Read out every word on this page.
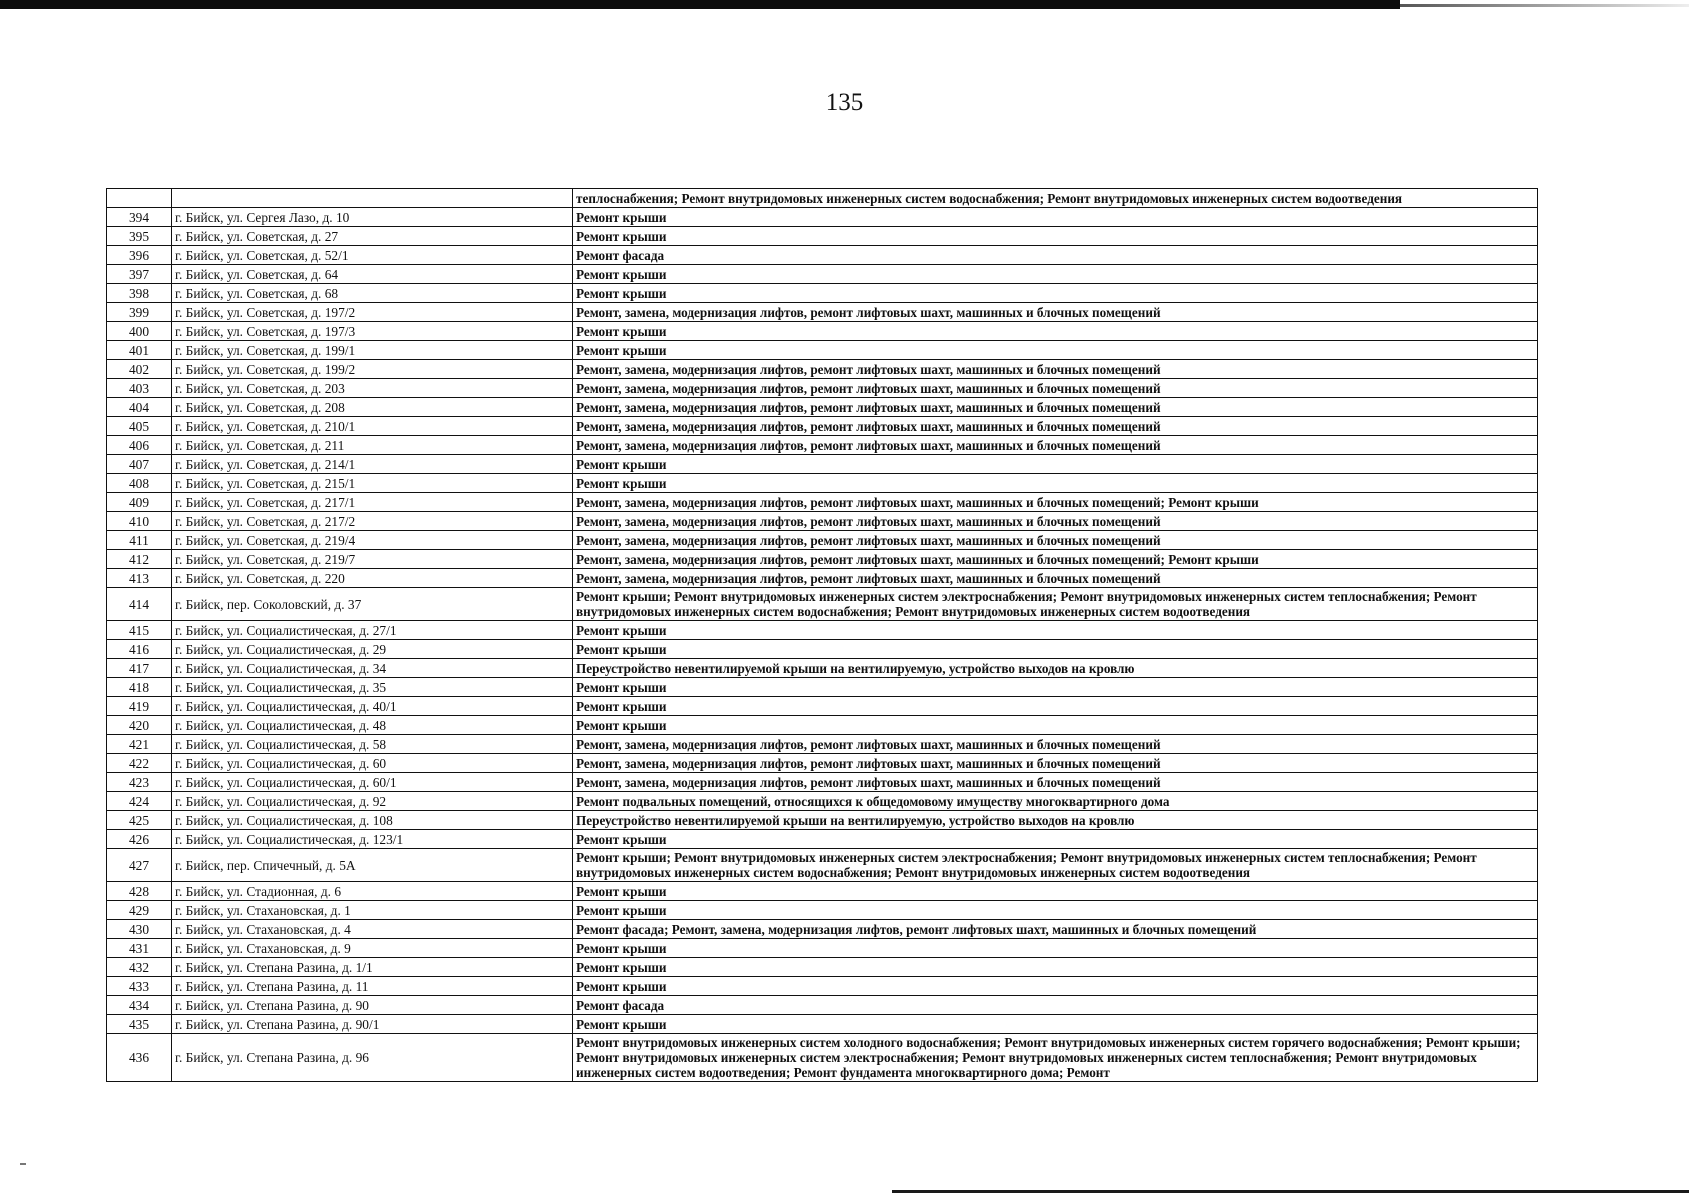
135
		теплоснабжения; Ремонт внутридомовых инженерных систем водоснабжения; Ремонт внутридомовых инженерных систем водоотведения
394	г. Бийск, ул. Сергея Лазо, д. 10	Ремонт крыши
395	г. Бийск, ул. Советская, д. 27	Ремонт крыши
396	г. Бийск, ул. Советская, д. 52/1	Ремонт фасада
397	г. Бийск, ул. Советская, д. 64	Ремонт крыши
398	г. Бийск, ул. Советская, д. 68	Ремонт крыши
399	г. Бийск, ул. Советская, д. 197/2	Ремонт, замена, модернизация лифтов, ремонт лифтовых шахт, машинных и блочных помещений
400	г. Бийск, ул. Советская, д. 197/3	Ремонт крыши
401	г. Бийск, ул. Советская, д. 199/1	Ремонт крыши
402	г. Бийск, ул. Советская, д. 199/2	Ремонт, замена, модернизация лифтов, ремонт лифтовых шахт, машинных и блочных помещений
403	г. Бийск, ул. Советская, д. 203	Ремонт, замена, модернизация лифтов, ремонт лифтовых шахт, машинных и блочных помещений
404	г. Бийск, ул. Советская, д. 208	Ремонт, замена, модернизация лифтов, ремонт лифтовых шахт, машинных и блочных помещений
405	г. Бийск, ул. Советская, д. 210/1	Ремонт, замена, модернизация лифтов, ремонт лифтовых шахт, машинных и блочных помещений
406	г. Бийск, ул. Советская, д. 211	Ремонт, замена, модернизация лифтов, ремонт лифтовых шахт, машинных и блочных помещений
407	г. Бийск, ул. Советская, д. 214/1	Ремонт крыши
408	г. Бийск, ул. Советская, д. 215/1	Ремонт крыши
409	г. Бийск, ул. Советская, д. 217/1	Ремонт, замена, модернизация лифтов, ремонт лифтовых шахт, машинных и блочных помещений; Ремонт крыши
410	г. Бийск, ул. Советская, д. 217/2	Ремонт, замена, модернизация лифтов, ремонт лифтовых шахт, машинных и блочных помещений
411	г. Бийск, ул. Советская, д. 219/4	Ремонт, замена, модернизация лифтов, ремонт лифтовых шахт, машинных и блочных помещений
412	г. Бийск, ул. Советская, д. 219/7	Ремонт, замена, модернизация лифтов, ремонт лифтовых шахт, машинных и блочных помещений; Ремонт крыши
413	г. Бийск, ул. Советская, д. 220	Ремонт, замена, модернизация лифтов, ремонт лифтовых шахт, машинных и блочных помещений
414	г. Бийск, пер. Соколовский, д. 37	Ремонт крыши; Ремонт внутридомовых инженерных систем электроснабжения; Ремонт внутридомовых инженерных систем теплоснабжения; Ремонт внутридомовых инженерных систем водоснабжения; Ремонт внутридомовых инженерных систем водоотведения
415	г. Бийск, ул. Социалистическая, д. 27/1	Ремонт крыши
416	г. Бийск, ул. Социалистическая, д. 29	Ремонт крыши
417	г. Бийск, ул. Социалистическая, д. 34	Переустройство невентилируемой крыши на вентилируемую, устройство выходов на кровлю
418	г. Бийск, ул. Социалистическая, д. 35	Ремонт крыши
419	г. Бийск, ул. Социалистическая, д. 40/1	Ремонт крыши
420	г. Бийск, ул. Социалистическая, д. 48	Ремонт крыши
421	г. Бийск, ул. Социалистическая, д. 58	Ремонт, замена, модернизация лифтов, ремонт лифтовых шахт, машинных и блочных помещений
422	г. Бийск, ул. Социалистическая, д. 60	Ремонт, замена, модернизация лифтов, ремонт лифтовых шахт, машинных и блочных помещений
423	г. Бийск, ул. Социалистическая, д. 60/1	Ремонт, замена, модернизация лифтов, ремонт лифтовых шахт, машинных и блочных помещений
424	г. Бийск, ул. Социалистическая, д. 92	Ремонт подвальных помещений, относящихся к общедомовому имуществу многоквартирного дома
425	г. Бийск, ул. Социалистическая, д. 108	Переустройство невентилируемой крыши на вентилируемую, устройство выходов на кровлю
426	г. Бийск, ул. Социалистическая, д. 123/1	Ремонт крыши
427	г. Бийск, пер. Спичечный, д. 5А	Ремонт крыши; Ремонт внутридомовых инженерных систем электроснабжения; Ремонт внутридомовых инженерных систем теплоснабжения; Ремонт внутридомовых инженерных систем водоснабжения; Ремонт внутридомовых инженерных систем водоотведения
428	г. Бийск, ул. Стадионная, д. 6	Ремонт крыши
429	г. Бийск, ул. Стахановская, д. 1	Ремонт крыши
430	г. Бийск, ул. Стахановская, д. 4	Ремонт фасада; Ремонт, замена, модернизация лифтов, ремонт лифтовых шахт, машинных и блочных помещений
431	г. Бийск, ул. Стахановская, д. 9	Ремонт крыши
432	г. Бийск, ул. Степана Разина, д. 1/1	Ремонт крыши
433	г. Бийск, ул. Степана Разина, д. 11	Ремонт крыши
434	г. Бийск, ул. Степана Разина, д. 90	Ремонт фасада
435	г. Бийск, ул. Степана Разина, д. 90/1	Ремонт крыши
436	г. Бийск, ул. Степана Разина, д. 96	Ремонт внутридомовых инженерных систем холодного водоснабжения; Ремонт внутридомовых инженерных систем горячего водоснабжения; Ремонт крыши; Ремонт внутридомовых инженерных систем электроснабжения; Ремонт внутридомовых инженерных систем теплоснабжения; Ремонт внутридомовых инженерных систем водоотведения; Ремонт фундамента многоквартирного дома; Ремонт
